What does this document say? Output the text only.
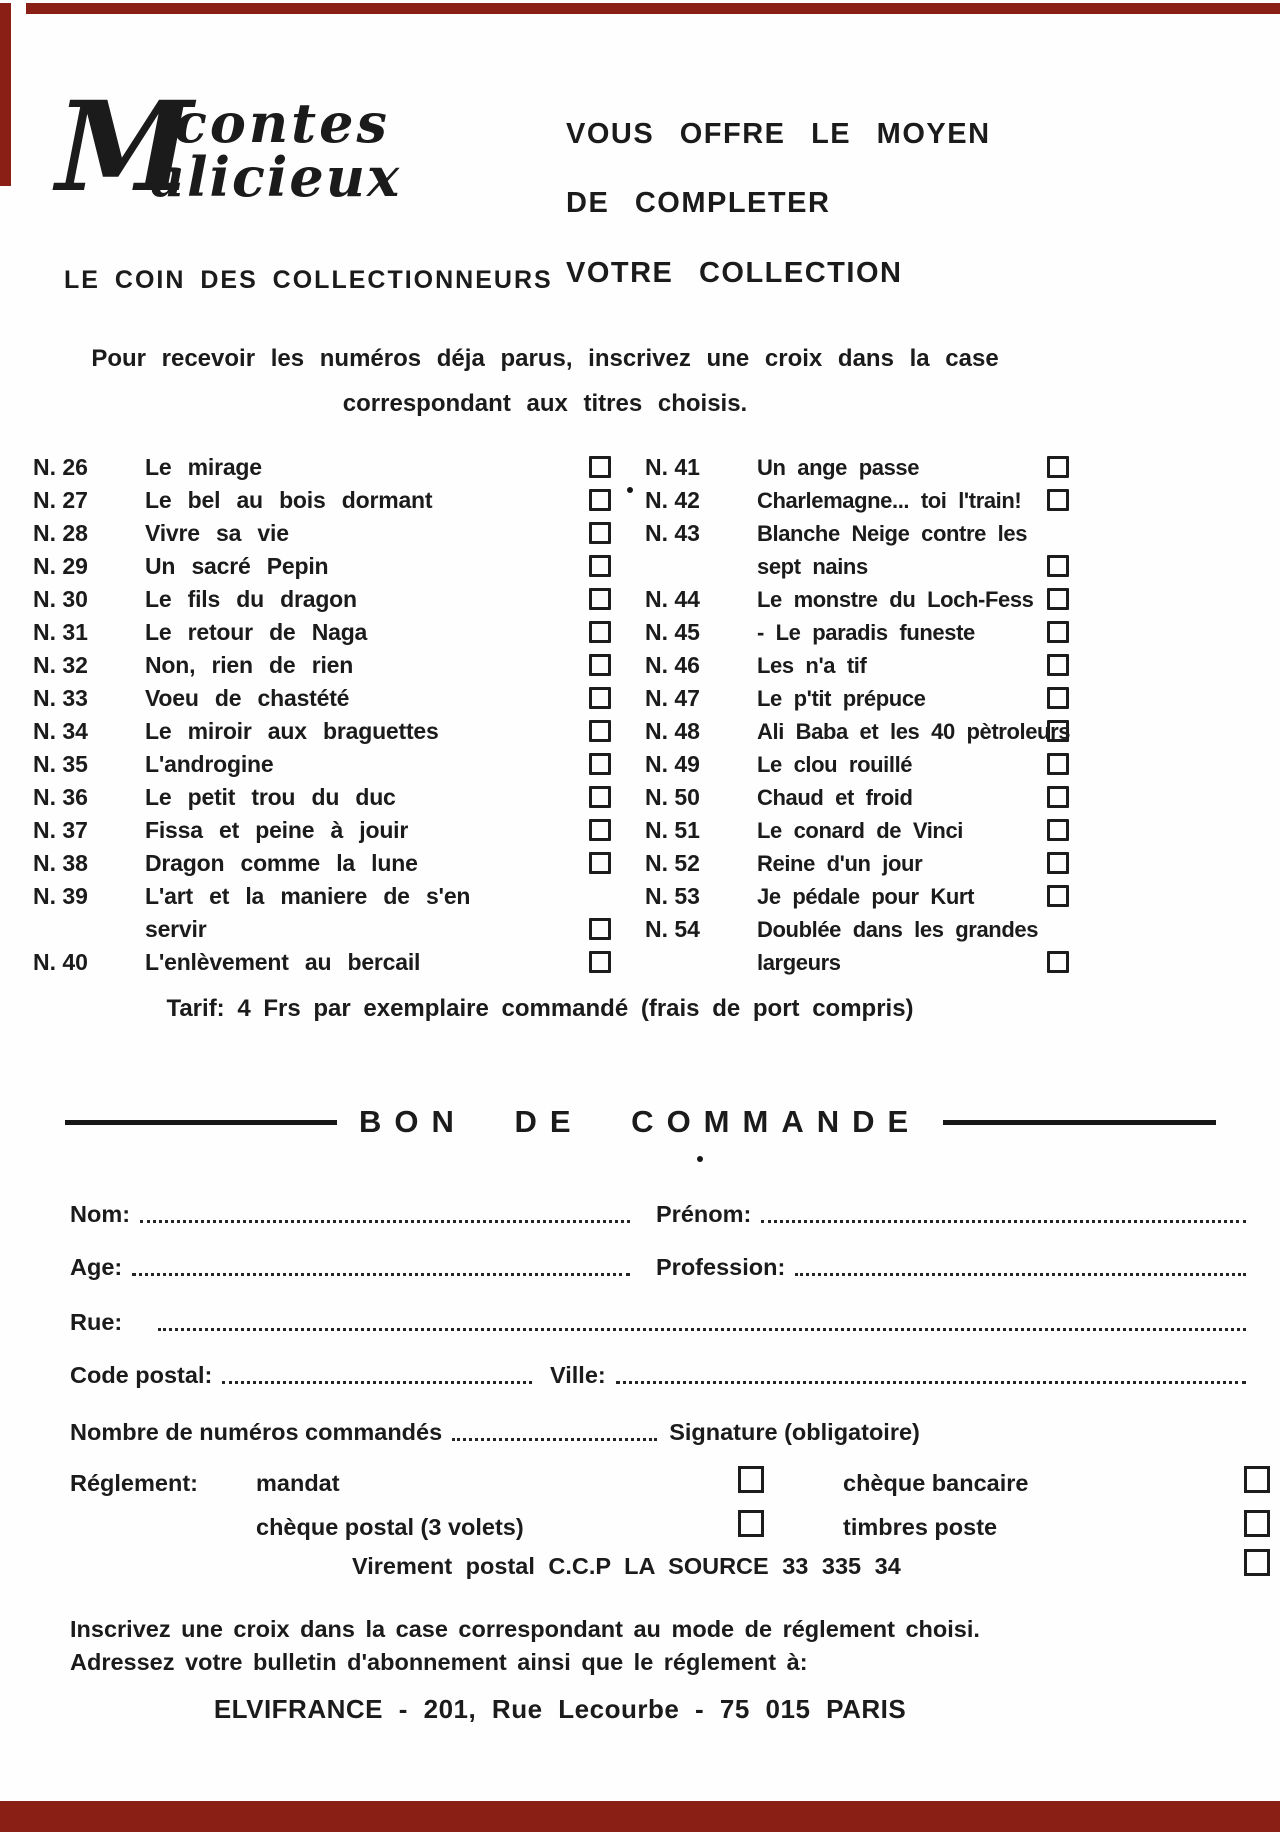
M
contes
alicieux
LE COIN DES COLLECTIONNEURS
VOUS OFFRE LE MOYEN
DE COMPLETER
VOTRE COLLECTION
Pour recevoir les numéros déja parus, inscrivez une croix dans la case
correspondant aux titres choisis.
N. 26	Le mirage
N. 27	Le bel au bois dormant
N. 28	Vivre sa vie
N. 29	Un sacré Pepin
N. 30	Le fils du dragon
N. 31	Le retour de Naga
N. 32	Non, rien de rien
N. 33	Voeu de chastété
N. 34	Le miroir aux braguettes
N. 35	L'androgine
N. 36	Le petit trou du duc
N. 37	Fissa et peine à jouir
N. 38	Dragon comme la lune
N. 39	L'art et la maniere de s'en
servir
N. 40	L'enlèvement au bercail
N. 41	Un ange passe
N. 42	Charlemagne... toi l'train!
N. 43	Blanche Neige contre les
sept nains
N. 44	Le monstre du Loch-Fess
N. 45	- Le paradis funeste
N. 46	Les n'a tif
N. 47	Le p'tit prépuce
N. 48	Ali Baba et les 40 pètroleurs
N. 49	Le clou rouillé
N. 50	Chaud et froid
N. 51	Le conard de Vinci
N. 52	Reine d'un jour
N. 53	Je pédale pour Kurt
N. 54	Doublée dans les grandes
largeurs
Tarif: 4 Frs par exemplaire commandé (frais de port compris)
BON DE COMMANDE
Nom:	Prénom:
Age:	Profession:
Rue:
Code postal:	Ville:
Nombre de numéros commandés	Signature (obligatoire)
Réglement: mandat	chèque bancaire
chèque postal (3 volets)	timbres poste
Virement postal C.C.P LA SOURCE 33 335 34
Inscrivez une croix dans la case correspondant au mode de réglement choisi.
Adressez votre bulletin d'abonnement ainsi que le réglement à:
ELVIFRANCE - 201, Rue Lecourbe - 75 015 PARIS
